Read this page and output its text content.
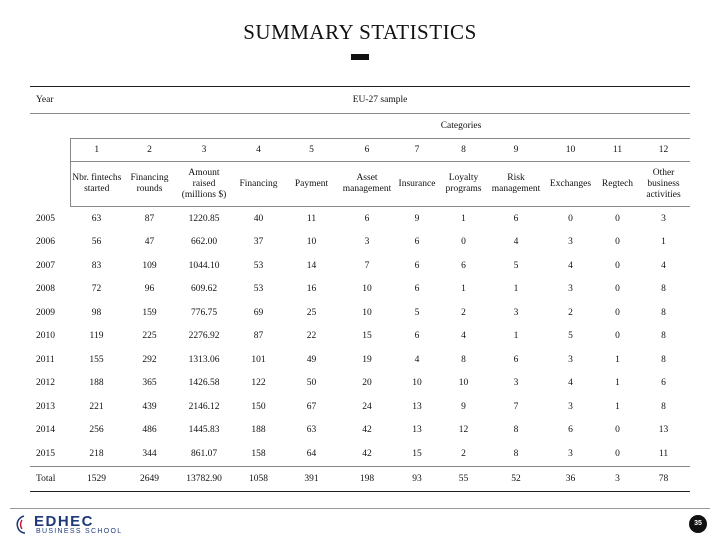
SUMMARY STATISTICS
Year	EU-27 sample											
				Categories								
	1	2	3	4	5	6	7	8	9	10	11	12
	Nbr. fintechs started	Financing rounds	Amount raised (millions $)	Financing	Payment	Asset management	Insurance	Loyalty programs	Risk management	Exchanges	Regtech	Other business activities
2005	63	87	1220.85	40	11	6	9	1	6	0	0	3
2006	56	47	662.00	37	10	3	6	0	4	3	0	1
2007	83	109	1044.10	53	14	7	6	6	5	4	0	4
2008	72	96	609.62	53	16	10	6	1	1	3	0	8
2009	98	159	776.75	69	25	10	5	2	3	2	0	8
2010	119	225	2276.92	87	22	15	6	4	1	5	0	8
2011	155	292	1313.06	101	49	19	4	8	6	3	1	8
2012	188	365	1426.58	122	50	20	10	10	3	4	1	6
2013	221	439	2146.12	150	67	24	13	9	7	3	1	8
2014	256	486	1445.83	188	63	42	13	12	8	6	0	13
2015	218	344	861.07	158	64	42	15	2	8	3	0	11
Total	1529	2649	13782.90	1058	391	198	93	55	52	36	3	78
EDHEC
BUSINESS SCHOOL
35
